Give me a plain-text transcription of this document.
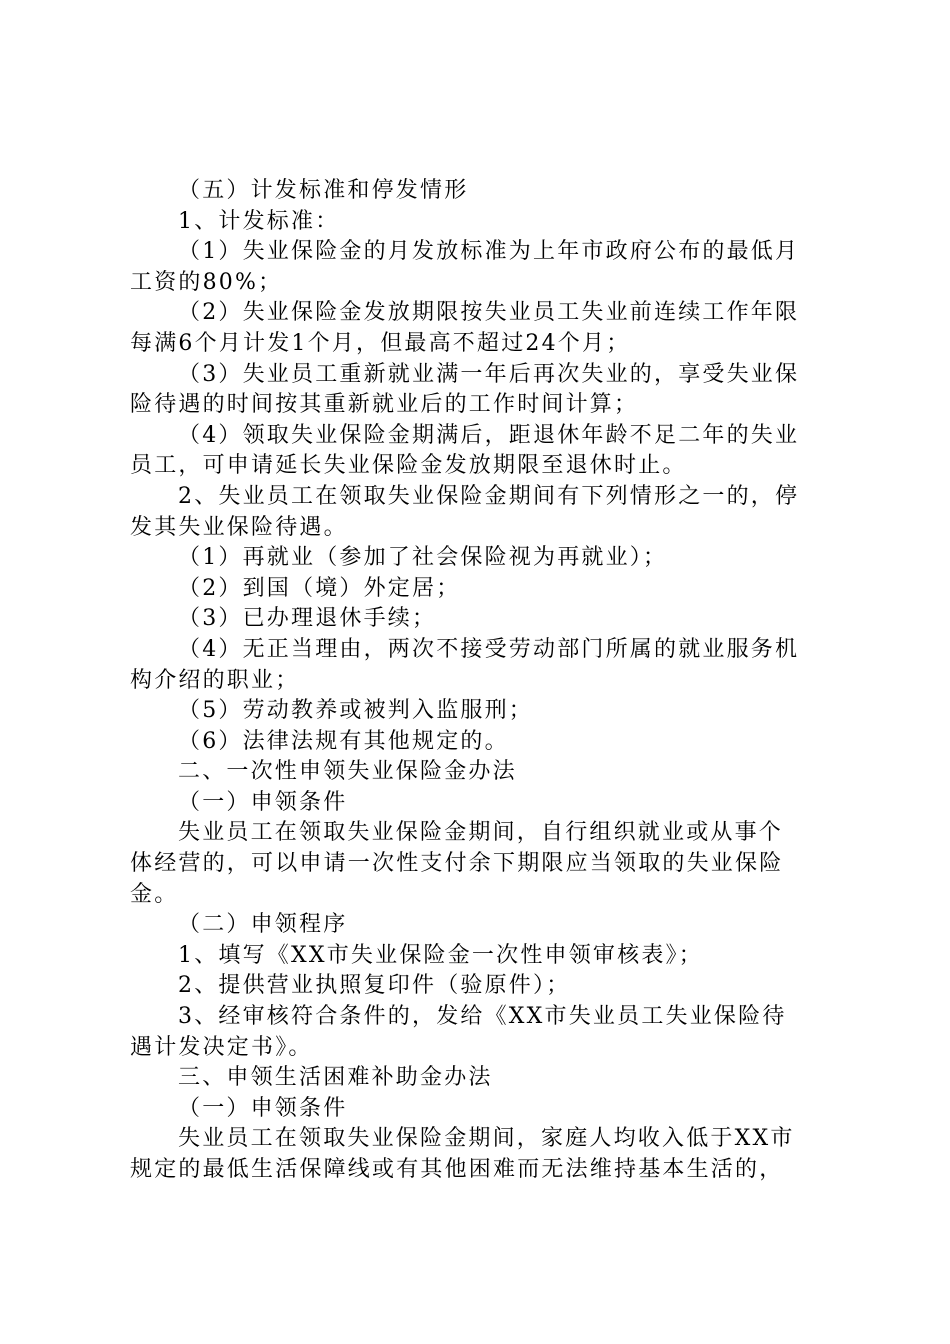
（五）计发标准和停发情形
1、计发标准：
（1）失业保险金的月发放标准为上年市政府公布的最低月
工资的80%；
（2）失业保险金发放期限按失业员工失业前连续工作年限
每满6个月计发1个月，但最高不超过24个月；
（3）失业员工重新就业满一年后再次失业的，享受失业保
险待遇的时间按其重新就业后的工作时间计算；
（4）领取失业保险金期满后，距退休年龄不足二年的失业
员工，可申请延长失业保险金发放期限至退休时止。
2、失业员工在领取失业保险金期间有下列情形之一的，停
发其失业保险待遇。
（1）再就业（参加了社会保险视为再就业）；
（2）到国（境）外定居；
（3）已办理退休手续；
（4）无正当理由，两次不接受劳动部门所属的就业服务机
构介绍的职业；
（5）劳动教养或被判入监服刑；
（6）法律法规有其他规定的。
二、一次性申领失业保险金办法
（一）申领条件
失业员工在领取失业保险金期间，自行组织就业或从事个
体经营的，可以申请一次性支付余下期限应当领取的失业保险
金。
（二）申领程序
1、填写《XX市失业保险金一次性申领审核表》；
2、提供营业执照复印件（验原件）；
3、经审核符合条件的，发给《XX市失业员工失业保险待
遇计发决定书》。
三、申领生活困难补助金办法
（一）申领条件
失业员工在领取失业保险金期间，家庭人均收入低于XX市
规定的最低生活保障线或有其他困难而无法维持基本生活的，
